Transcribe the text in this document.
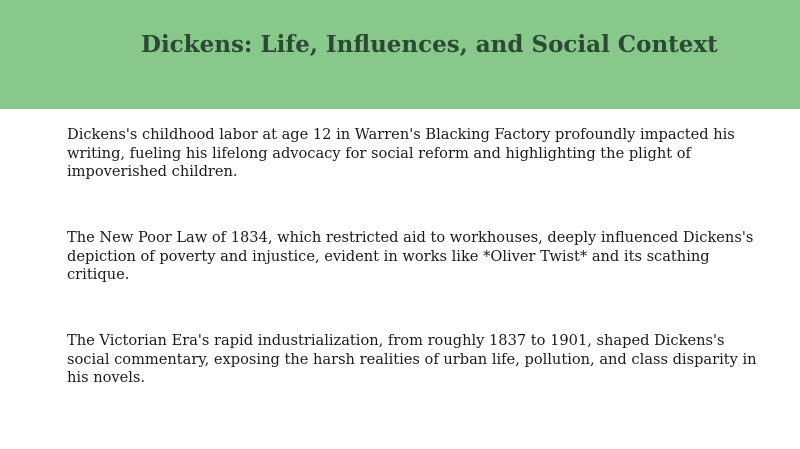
Dickens: Life, Influences, and Social Context

Dickens's childhood labor at age 12 in Warren's Blacking Factory profoundly impacted his writing, fueling his lifelong advocacy for social reform and highlighting the plight of impoverished children.

The New Poor Law of 1834, which restricted aid to workhouses, deeply influenced Dickens's depiction of poverty and injustice, evident in works like *Oliver Twist* and its scathing critique.

The Victorian Era's rapid industrialization, from roughly 1837 to 1901, shaped Dickens's social commentary, exposing the harsh realities of urban life, pollution, and class disparity in his novels.
